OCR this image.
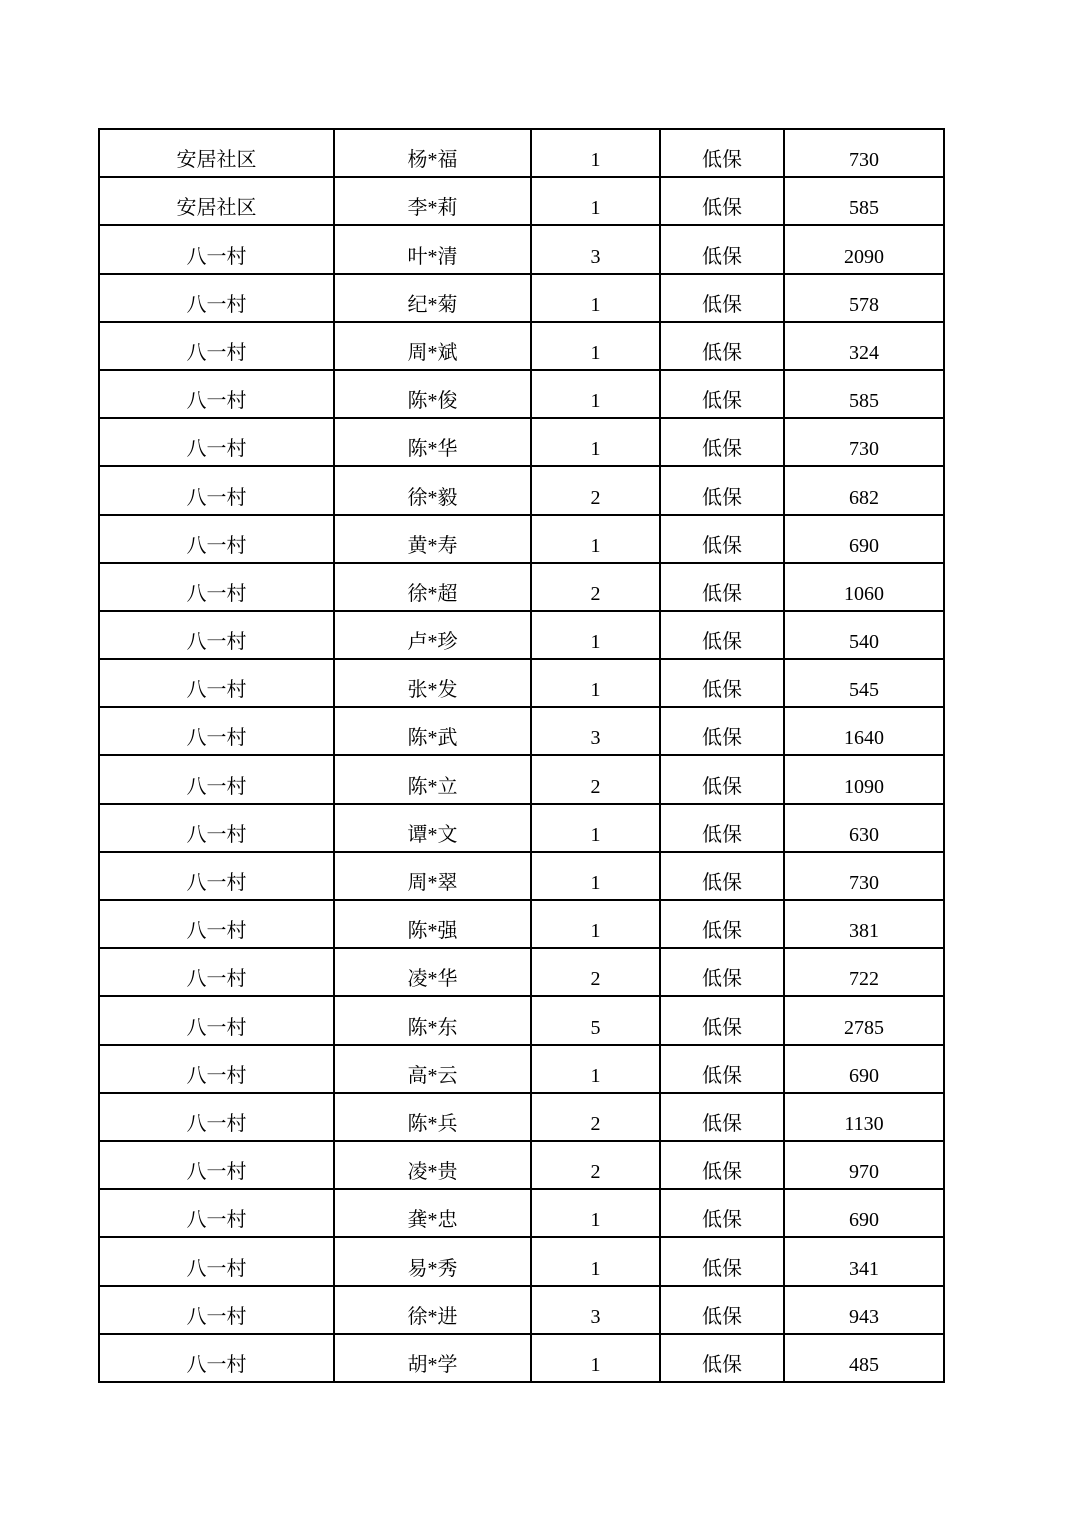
安居社区	杨*福	1	低保	730
安居社区	李*莉	1	低保	585
八一村	叶*清	3	低保	2090
八一村	纪*菊	1	低保	578
八一村	周*斌	1	低保	324
八一村	陈*俊	1	低保	585
八一村	陈*华	1	低保	730
八一村	徐*毅	2	低保	682
八一村	黄*寿	1	低保	690
八一村	徐*超	2	低保	1060
八一村	卢*珍	1	低保	540
八一村	张*发	1	低保	545
八一村	陈*武	3	低保	1640
八一村	陈*立	2	低保	1090
八一村	谭*文	1	低保	630
八一村	周*翠	1	低保	730
八一村	陈*强	1	低保	381
八一村	凌*华	2	低保	722
八一村	陈*东	5	低保	2785
八一村	高*云	1	低保	690
八一村	陈*兵	2	低保	1130
八一村	凌*贵	2	低保	970
八一村	龚*忠	1	低保	690
八一村	易*秀	1	低保	341
八一村	徐*进	3	低保	943
八一村	胡*学	1	低保	485
